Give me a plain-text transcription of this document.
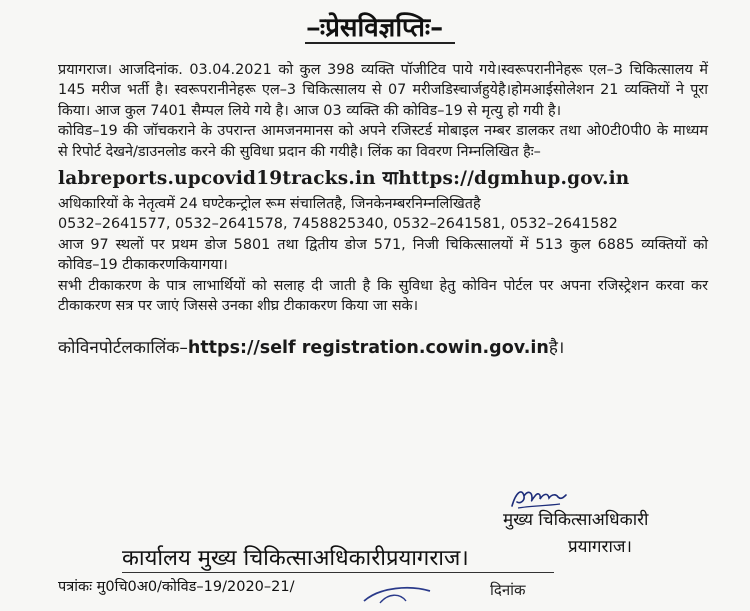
–ःप्रेसविज्ञप्तिः–

प्रयागराज। आजदिनांक. 03.04.2021 को कुल 398 व्यक्ति पॉजीटिव पाये गये।स्वरूपरानीनेहरू एल–3 चिकित्सालय में 145 मरीज भर्ती है। स्वरूपरानीनेहरू एल–3 चिकित्सालय से 07 मरीजडिस्चार्जहुयेहै।होमआईसोलेशन 21 व्यक्तियों ने पूरा किया। आज कुल 7401 सैम्पल लिये गये है। आज 03 व्यक्ति की कोविड–19 से मृत्यु हो गयी है।

कोविड–19 की जॉचकराने के उपरान्त आमजनमानस को अपने रजिस्टर्ड मोबाइल नम्बर डालकर तथा ओ0टी0पी0 के माध्यम से रिपोर्ट देखने/डाउनलोड करने की सुविधा प्रदान की गयीहै। लिंक का विवरण निम्नलिखित हैः–

labreports.upcovid19tracks.in याhttps://dgmhup.gov.in

अधिकारियों के नेतृत्वमें 24 घण्टेकन्ट्रोल रूम संचालितहै, जिनकेनम्बरनिम्नलिखितहै

0532–2641577, 0532–2641578, 7458825340, 0532–2641581, 0532–2641582

आज 97 स्थलों पर प्रथम डोज 5801 तथा द्वितीय डोज 571, निजी चिकित्सालयों में 513 कुल 6885 व्यक्तियों को कोविड–19 टीकाकरणकियागया।

सभी टीकाकरण के पात्र लाभार्थियों को सलाह दी जाती है कि सुविधा हेतु कोविन पोर्टल पर अपना रजिस्ट्रेशन करवा कर टीकाकरण सत्र पर जाएं जिससे उनका शीघ्र टीकाकरण किया जा सके।

कोविनपोर्टलकालिंक–https://self registration.cowin.gov.inहै।

मुख्य चिकित्साअधिकारी
प्रयागराज।
कार्यालय मुख्य चिकित्साअधिकारीप्रयागराज।
पत्रांकः मु0चि0अ0/कोविड–19/2020–21/	दिनांक
